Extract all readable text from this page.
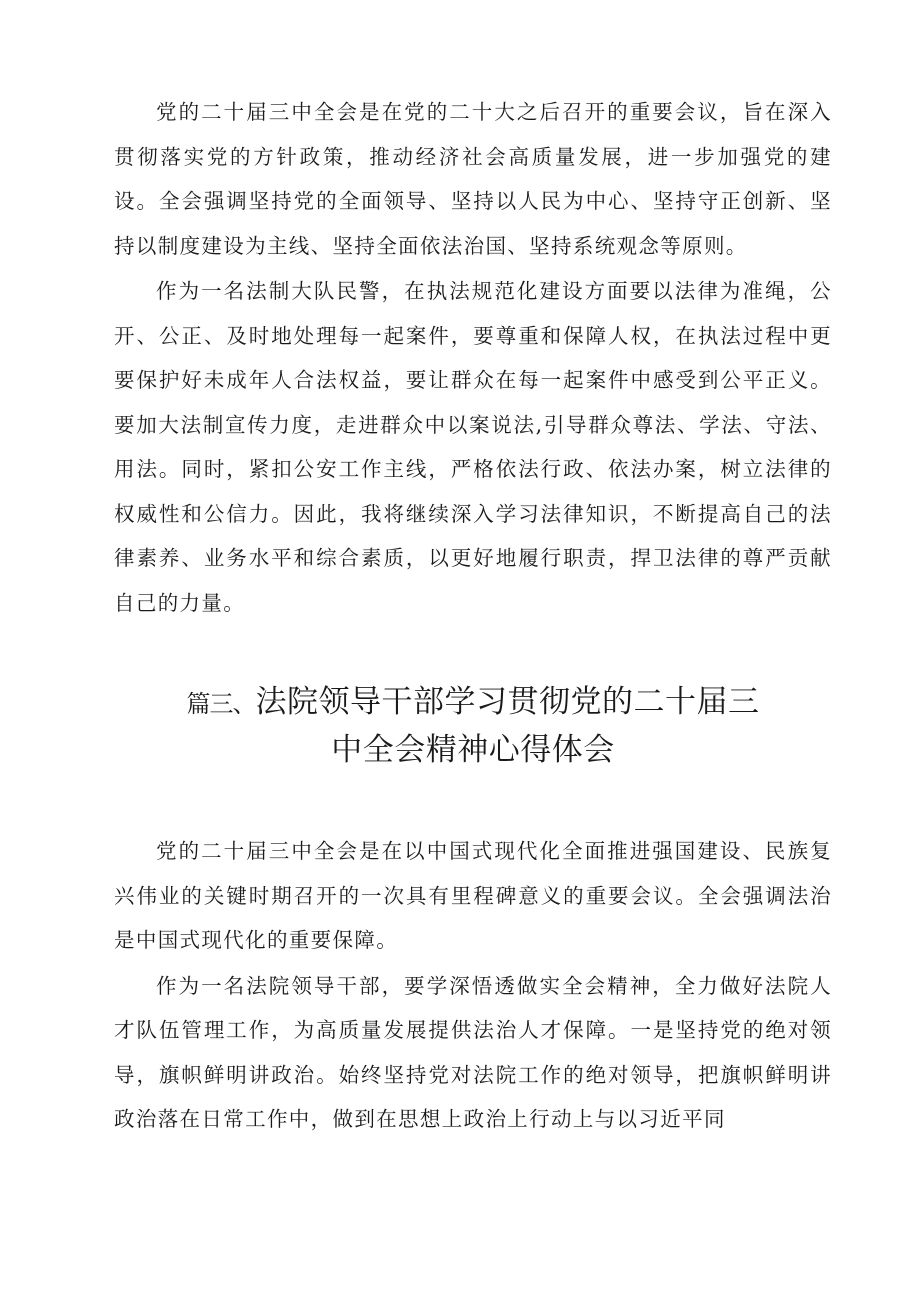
党的二十届三中全会是在党的二十大之后召开的重要会议，旨在深入贯彻落实党的方针政策，推动经济社会高质量发展，进一步加强党的建设。全会强调坚持党的全面领导、坚持以人民为中心、坚持守正创新、坚持以制度建设为主线、坚持全面依法治国、坚持系统观念等原则。

作为一名法制大队民警，在执法规范化建设方面要以法律为准绳，公开、公正、及时地处理每一起案件，要尊重和保障人权，在执法过程中更要保护好未成年人合法权益，要让群众在每一起案件中感受到公平正义。要加大法制宣传力度，走进群众中以案说法,引导群众尊法、学法、守法、用法。同时，紧扣公安工作主线，严格依法行政、依法办案，树立法律的权威性和公信力。因此，我将继续深入学习法律知识，不断提高自己的法律素养、业务水平和综合素质，以更好地履行职责，捍卫法律的尊严贡献自己的力量。

篇三、法院领导干部学习贯彻党的二十届三
中全会精神心得体会

党的二十届三中全会是在以中国式现代化全面推进强国建设、民族复兴伟业的关键时期召开的一次具有里程碑意义的重要会议。全会强调法治是中国式现代化的重要保障。

作为一名法院领导干部，要学深悟透做实全会精神，全力做好法院人才队伍管理工作，为高质量发展提供法治人才保障。一是坚持党的绝对领导，旗帜鲜明讲政治。始终坚持党对法院工作的绝对领导，把旗帜鲜明讲政治落在日常工作中，做到在思想上政治上行动上与以习近平同
